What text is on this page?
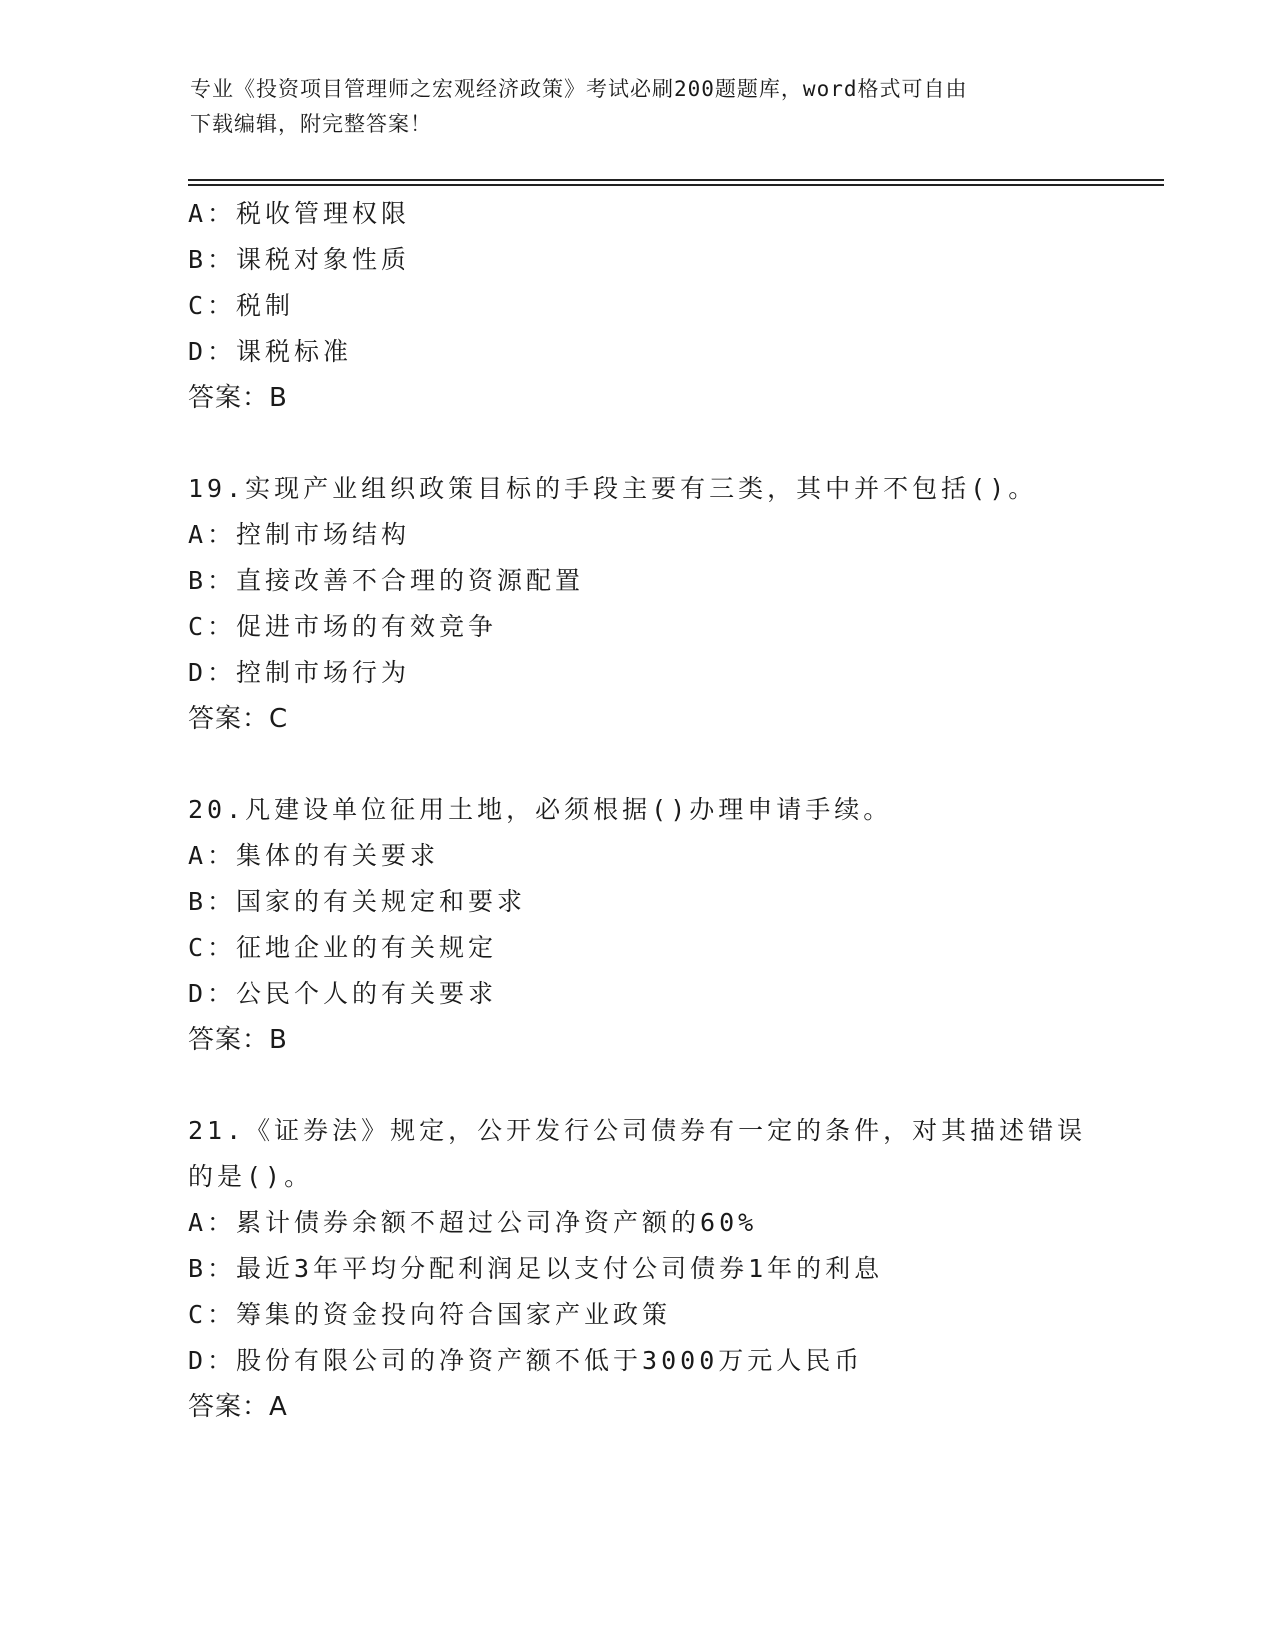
专业《投资项目管理师之宏观经济政策》考试必刷200题题库，word格式可自由
下载编辑，附完整答案！
A：税收管理权限
B：课税对象性质
C：税制
D：课税标准
答案：B
19.实现产业组织政策目标的手段主要有三类，其中并不包括()。
A：控制市场结构
B：直接改善不合理的资源配置
C：促进市场的有效竞争
D：控制市场行为
答案：C
20.凡建设单位征用土地，必须根据()办理申请手续。
A：集体的有关要求
B：国家的有关规定和要求
C：征地企业的有关规定
D：公民个人的有关要求
答案：B
21.《证券法》规定，公开发行公司债券有一定的条件，对其描述错误
的是()。
A：累计债券余额不超过公司净资产额的60%
B：最近3年平均分配利润足以支付公司债券1年的利息
C：筹集的资金投向符合国家产业政策
D：股份有限公司的净资产额不低于3000万元人民币
答案：A
